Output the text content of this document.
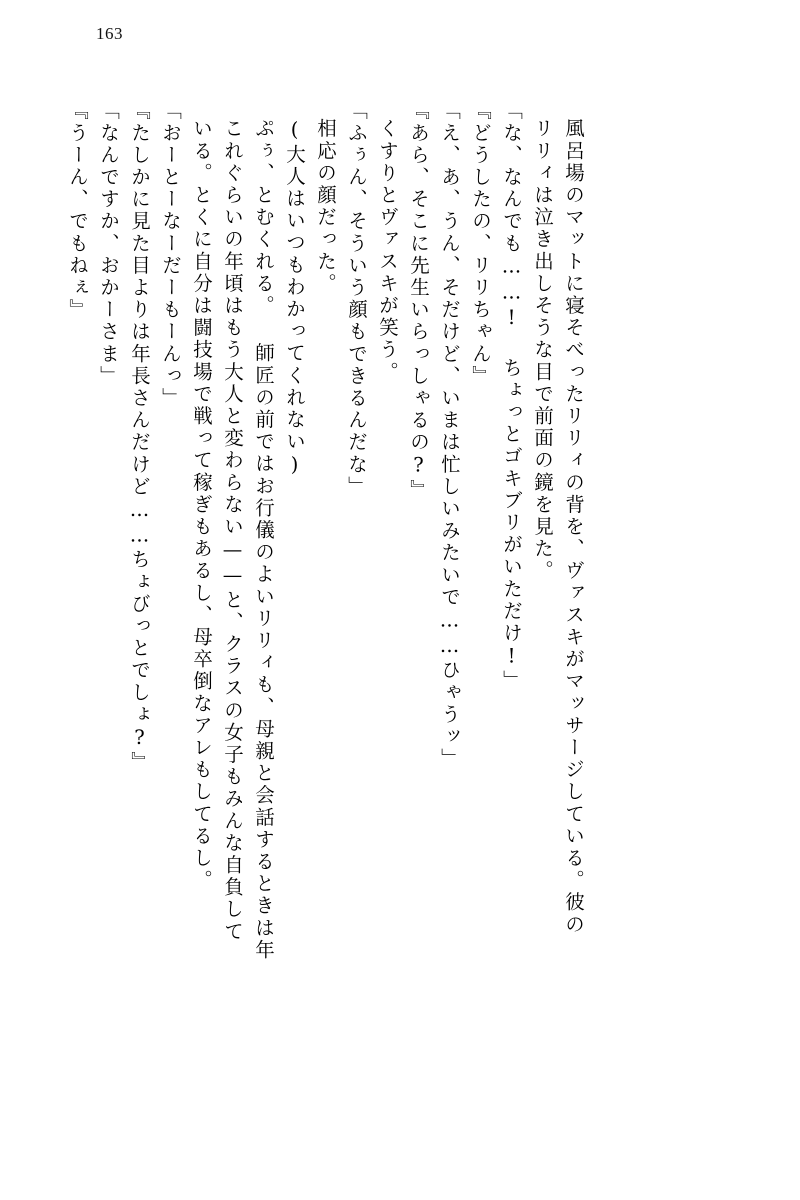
163
『うーん、でもねぇ』 「なんですか、おかーさま」 『たしかに見た目よりは年長さんだけど……ちょびっとでしょ?』 「おーとーなーだーもーんっ」 いる。とくに自分は闘技場で戦って稼ぎもあるし、母卒倒なアレもしてるし。 これぐらいの年頃はもう大人と変わらない——と、クラスの女子もみんな自負して ぷぅ、とむくれる。 師匠の前ではお行儀のよいリリィも、母親と会話するときは年 (大人はいつもわかってくれない) 相応の顔だった。 「ふぅん、そういう顔もできるんだな」 くすりとヴァスキが笑う。 『あら、そこに先生いらっしゃるの?』 「え、あ、うん、そだけど、いまは忙しいみたいで……ひゃうッ」 『どうしたの、リリちゃん』 「な、なんでも……! ちょっとゴキブリがいただけ!」 リリィは泣き出しそうな目で前面の鏡を見た。 風呂場のマットに寝そべったリリィの背を、ヴァスキがマッサージしている。彼の
